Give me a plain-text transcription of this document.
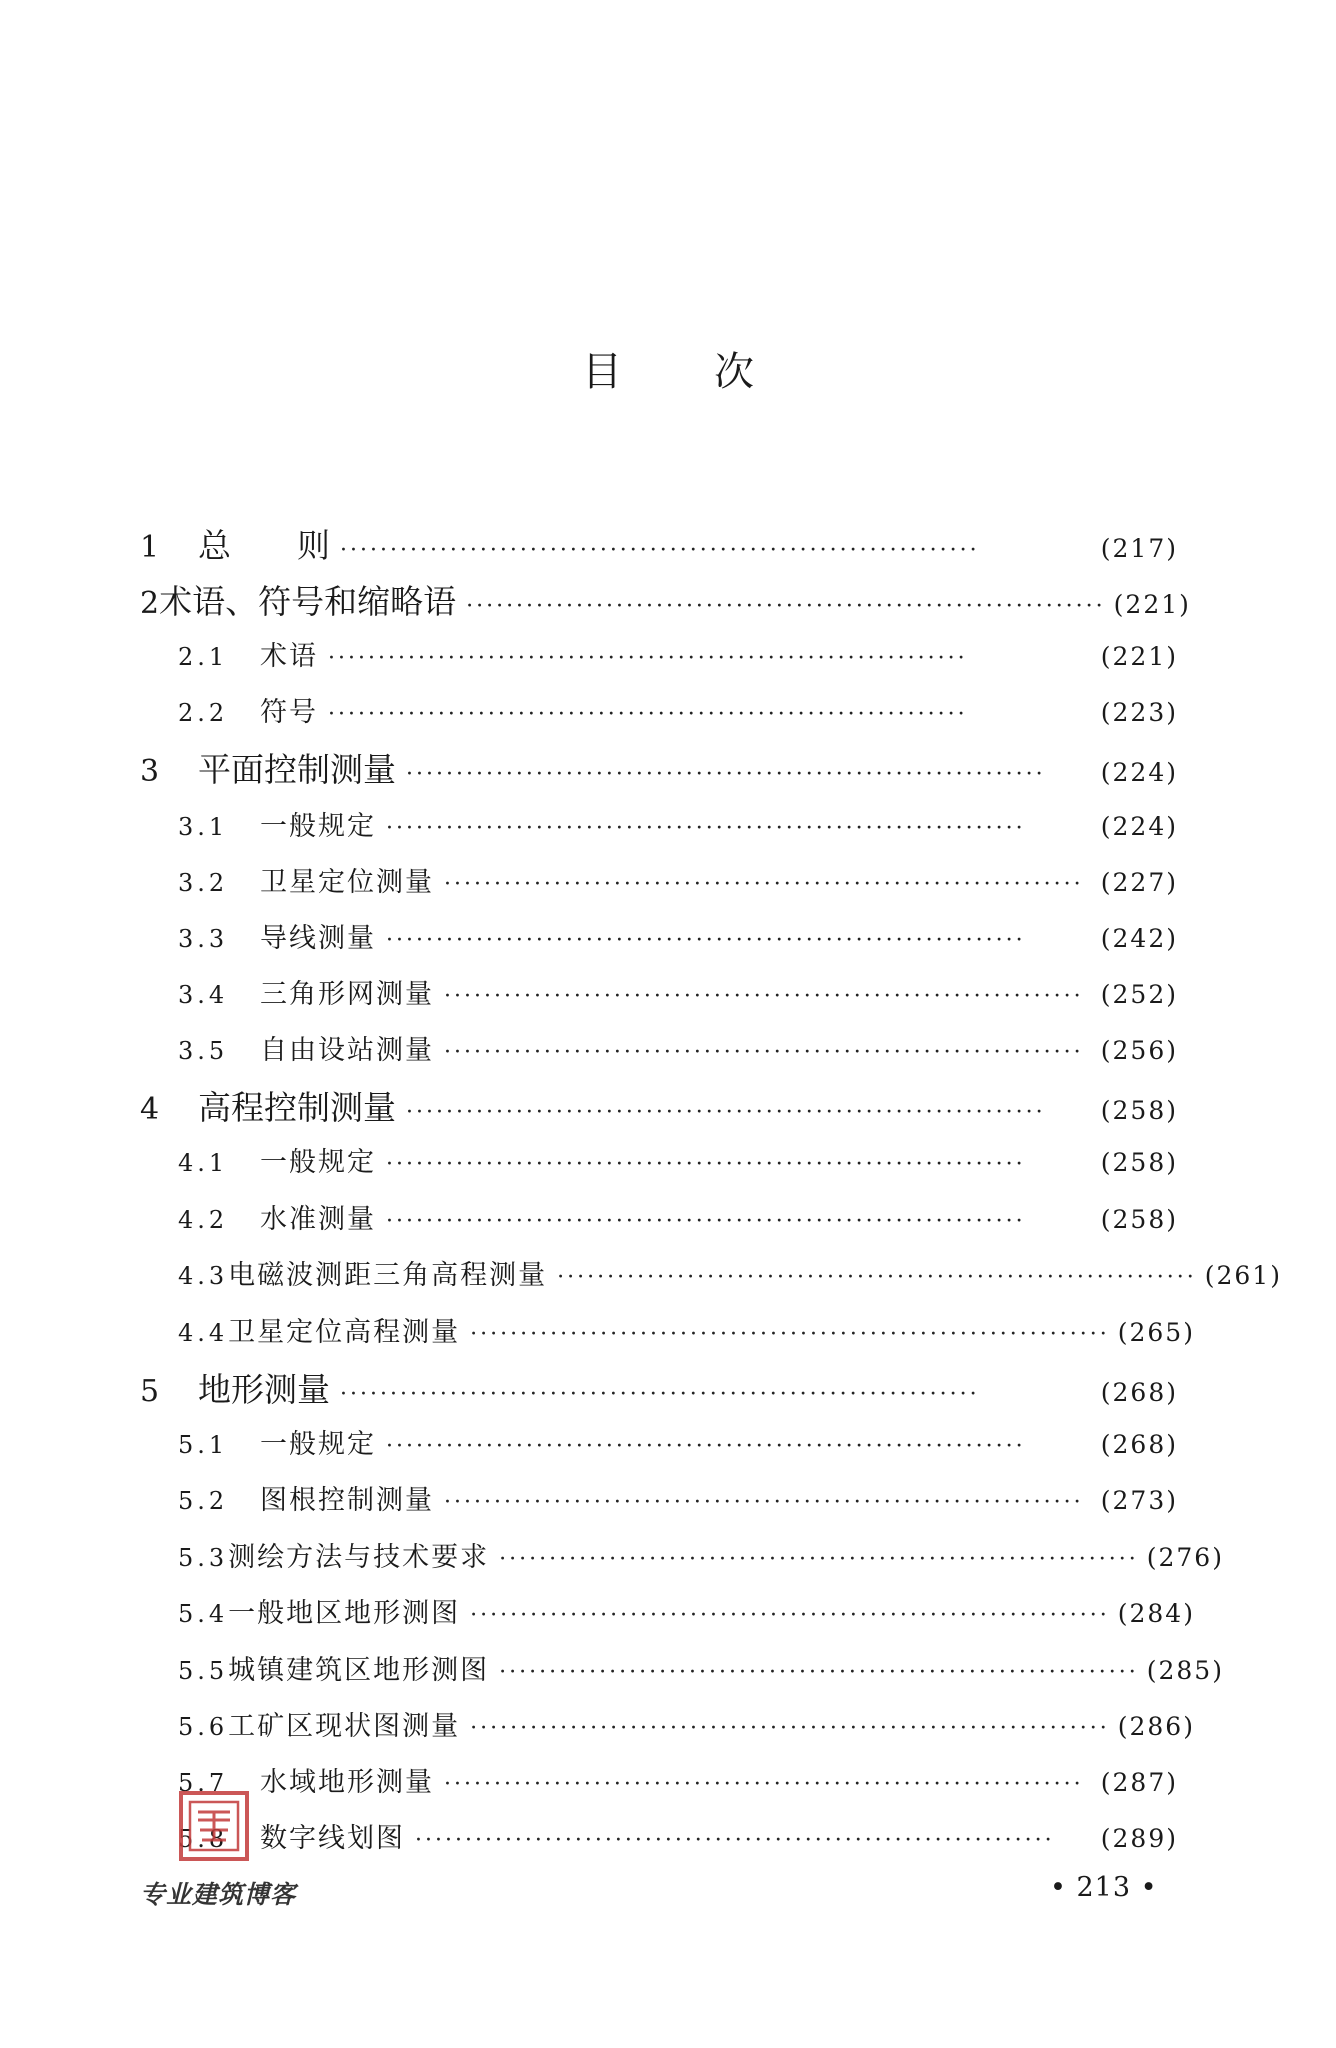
目 次
1	总　　则 ································································	(217)
2 术语、符号和缩略语 ································································ (221)
2.1	术语 ································································	(221)
2.2	符号 ································································	(223)
3	平面控制测量 ································································	(224)
3.1	一般规定 ································································	(224)
3.2	卫星定位测量 ································································ (227)
3.3	导线测量 ································································	(242)
3.4	三角形网测量 ································································ (252)
3.5	自由设站测量 ································································ (256)
4	高程控制测量 ································································	(258)
4.1	一般规定 ································································	(258)
4.2	水准测量 ································································	(258)
4.3 电磁波测距三角高程测量 ································································ (261)
4.4 卫星定位高程测量 ································································ (265)
5	地形测量 ································································	(268)
5.1	一般规定 ································································	(268)
5.2	图根控制测量 ································································ (273)
5.3 测绘方法与技术要求 ································································ (276)
5.4 一般地区地形测图 ································································ (284)
5.5 城镇建筑区地形测图 ································································ (285)
5.6 工矿区现状图测量 ································································ (286)
5.7	水域地形测量 ································································ (287)
5.8	数字线划图 ································································	(289)
专业建筑博客	• 213 •
